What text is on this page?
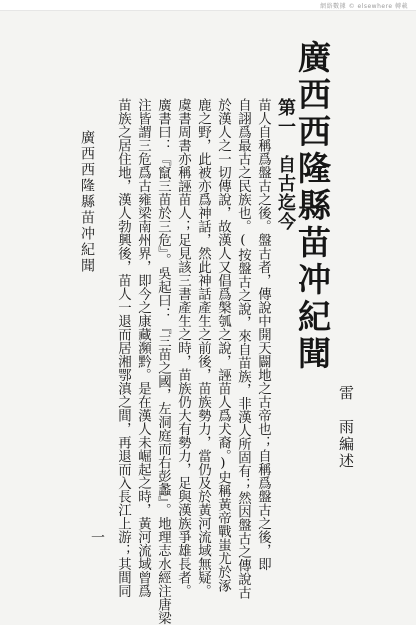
網絡數據 © elsewhere 轉載
廣西西隆縣苗冲紀聞
雷　雨編述
第一　自古迄今
苗人自稱爲盤古之後。盤古者，傳說中開天闢地之古帝也；自稱爲盤古之後，即
自詡爲最古之民族也。(按盤古之說，來自苗族，非漢人所固有；然因盤古之傳說古
於漢人之一切傳說，故漢人又倡爲槃瓠之說，誣苗人爲犬裔。)史稱黃帝戰蚩尤於涿
鹿之野，此被亦爲神話，然此神話產生之前後，苗族勢力，當仍及於黃河流域無疑。
虞書周書亦稱誣苗人；足見該三書產生之時，苗族仍大有勢力，足與漢族爭雄長者。
廣書曰：『竄三苗於三危』。吳起曰：『三苗之國，左洞庭而右彭蠡』。地理志水經注唐梁
注皆謂三危爲古雍梁南州界，即今之康藏瀕黔。是在漢人未崛起之時，黃河流域曾爲
苗族之居住地，漢人勃興後，苗人一退而居湘鄂滇之間，再退而入長江上游；其間同
廣西西隆縣苗冲紀聞
一
